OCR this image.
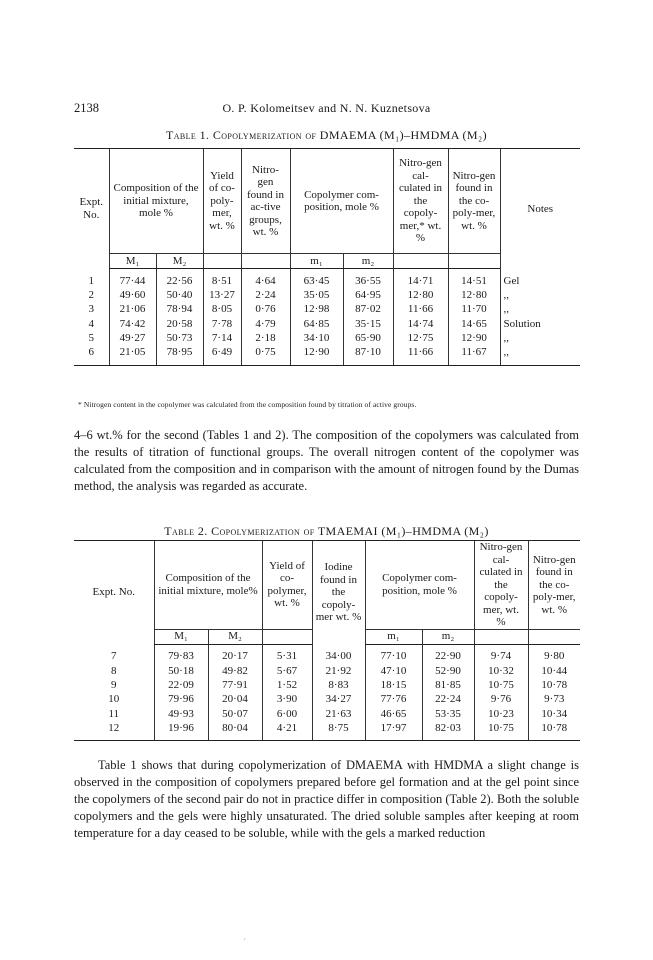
2138	O. P. Kolomeitsev and N. N. Kuznetsova
Table 1. Copolymerization of DMAEMA (M₁)–HMDMA (M₂)
Expt. No.	Composition of the initial mixture, mole %		Yield of co-poly-mer, wt. %	Nitro-gen found in ac-tive groups, wt. %	Copolymer com-position, mole %		Nitro-gen cal-culated in the copoly-mer,* wt. %	Nitro-gen found in the co-poly-mer, wt. %	Notes
	M₁	M₂			m₁	m₂			
1	77·44	22·56	8·51	4·64	63·45	36·55	14·71	14·51	Gel
2	49·60	50·40	13·27	2·24	35·05	64·95	12·80	12·80	,,
3	21·06	78·94	8·05	0·76	12·98	87·02	11·66	11·70	,,
4	74·42	20·58	7·78	4·79	64·85	35·15	14·74	14·65	Solution
5	49·27	50·73	7·14	2·18	34·10	65·90	12·75	12·90	,,
6	21·05	78·95	6·49	0·75	12·90	87·10	11·66	11·67	,,
* Nitrogen content in the copolymer was calculated from the composition found by titration of active groups.

4–6 wt.% for the second (Tables 1 and 2). The composition of the copolymers was calculated from the results of titration of functional groups. The overall nitrogen content of the copolymer was calculated from the composition and in comparison with the amount of nitrogen found by the Dumas method, the analysis was regarded as accurate.

Table 2. Copolymerization of TMAEMAI (M₁)–HMDMA (M₂)
Expt. No.	Composition of the initial mixture, mole%		Yield of co-polymer, wt. %	Iodine found in the copoly-mer wt. %	Copolymer com-position, mole %		Nitro-gen cal-culated in the copoly-mer, wt. %	Nitro-gen found in the co-poly-mer, wt. %
	M₁	M₂			m₁	m₂		
7	79·83	20·17	5·31	34·00	77·10	22·90	9·74	9·80
8	50·18	49·82	5·67	21·92	47·10	52·90	10·32	10·44
9	22·09	77·91	1·52	8·83	18·15	81·85	10·75	10·78
10	79·96	20·04	3·90	34·27	77·76	22·24	9·76	9·73
11	49·93	50·07	6·00	21·63	46·65	53·35	10·23	10·34
12	19·96	80·04	4·21	8·75	17·97	82·03	10·75	10·78

Table 1 shows that during copolymerization of DMAEMA with HMDMA a slight change is observed in the composition of copolymers prepared before gel formation and at the gel point since the copolymers of the second pair do not in practice differ in composition (Table 2). Both the soluble copolymers and the gels were highly unsaturated. The dried soluble samples after keeping at room temperature for a day ceased to be soluble, while with the gels a marked reduction

´
